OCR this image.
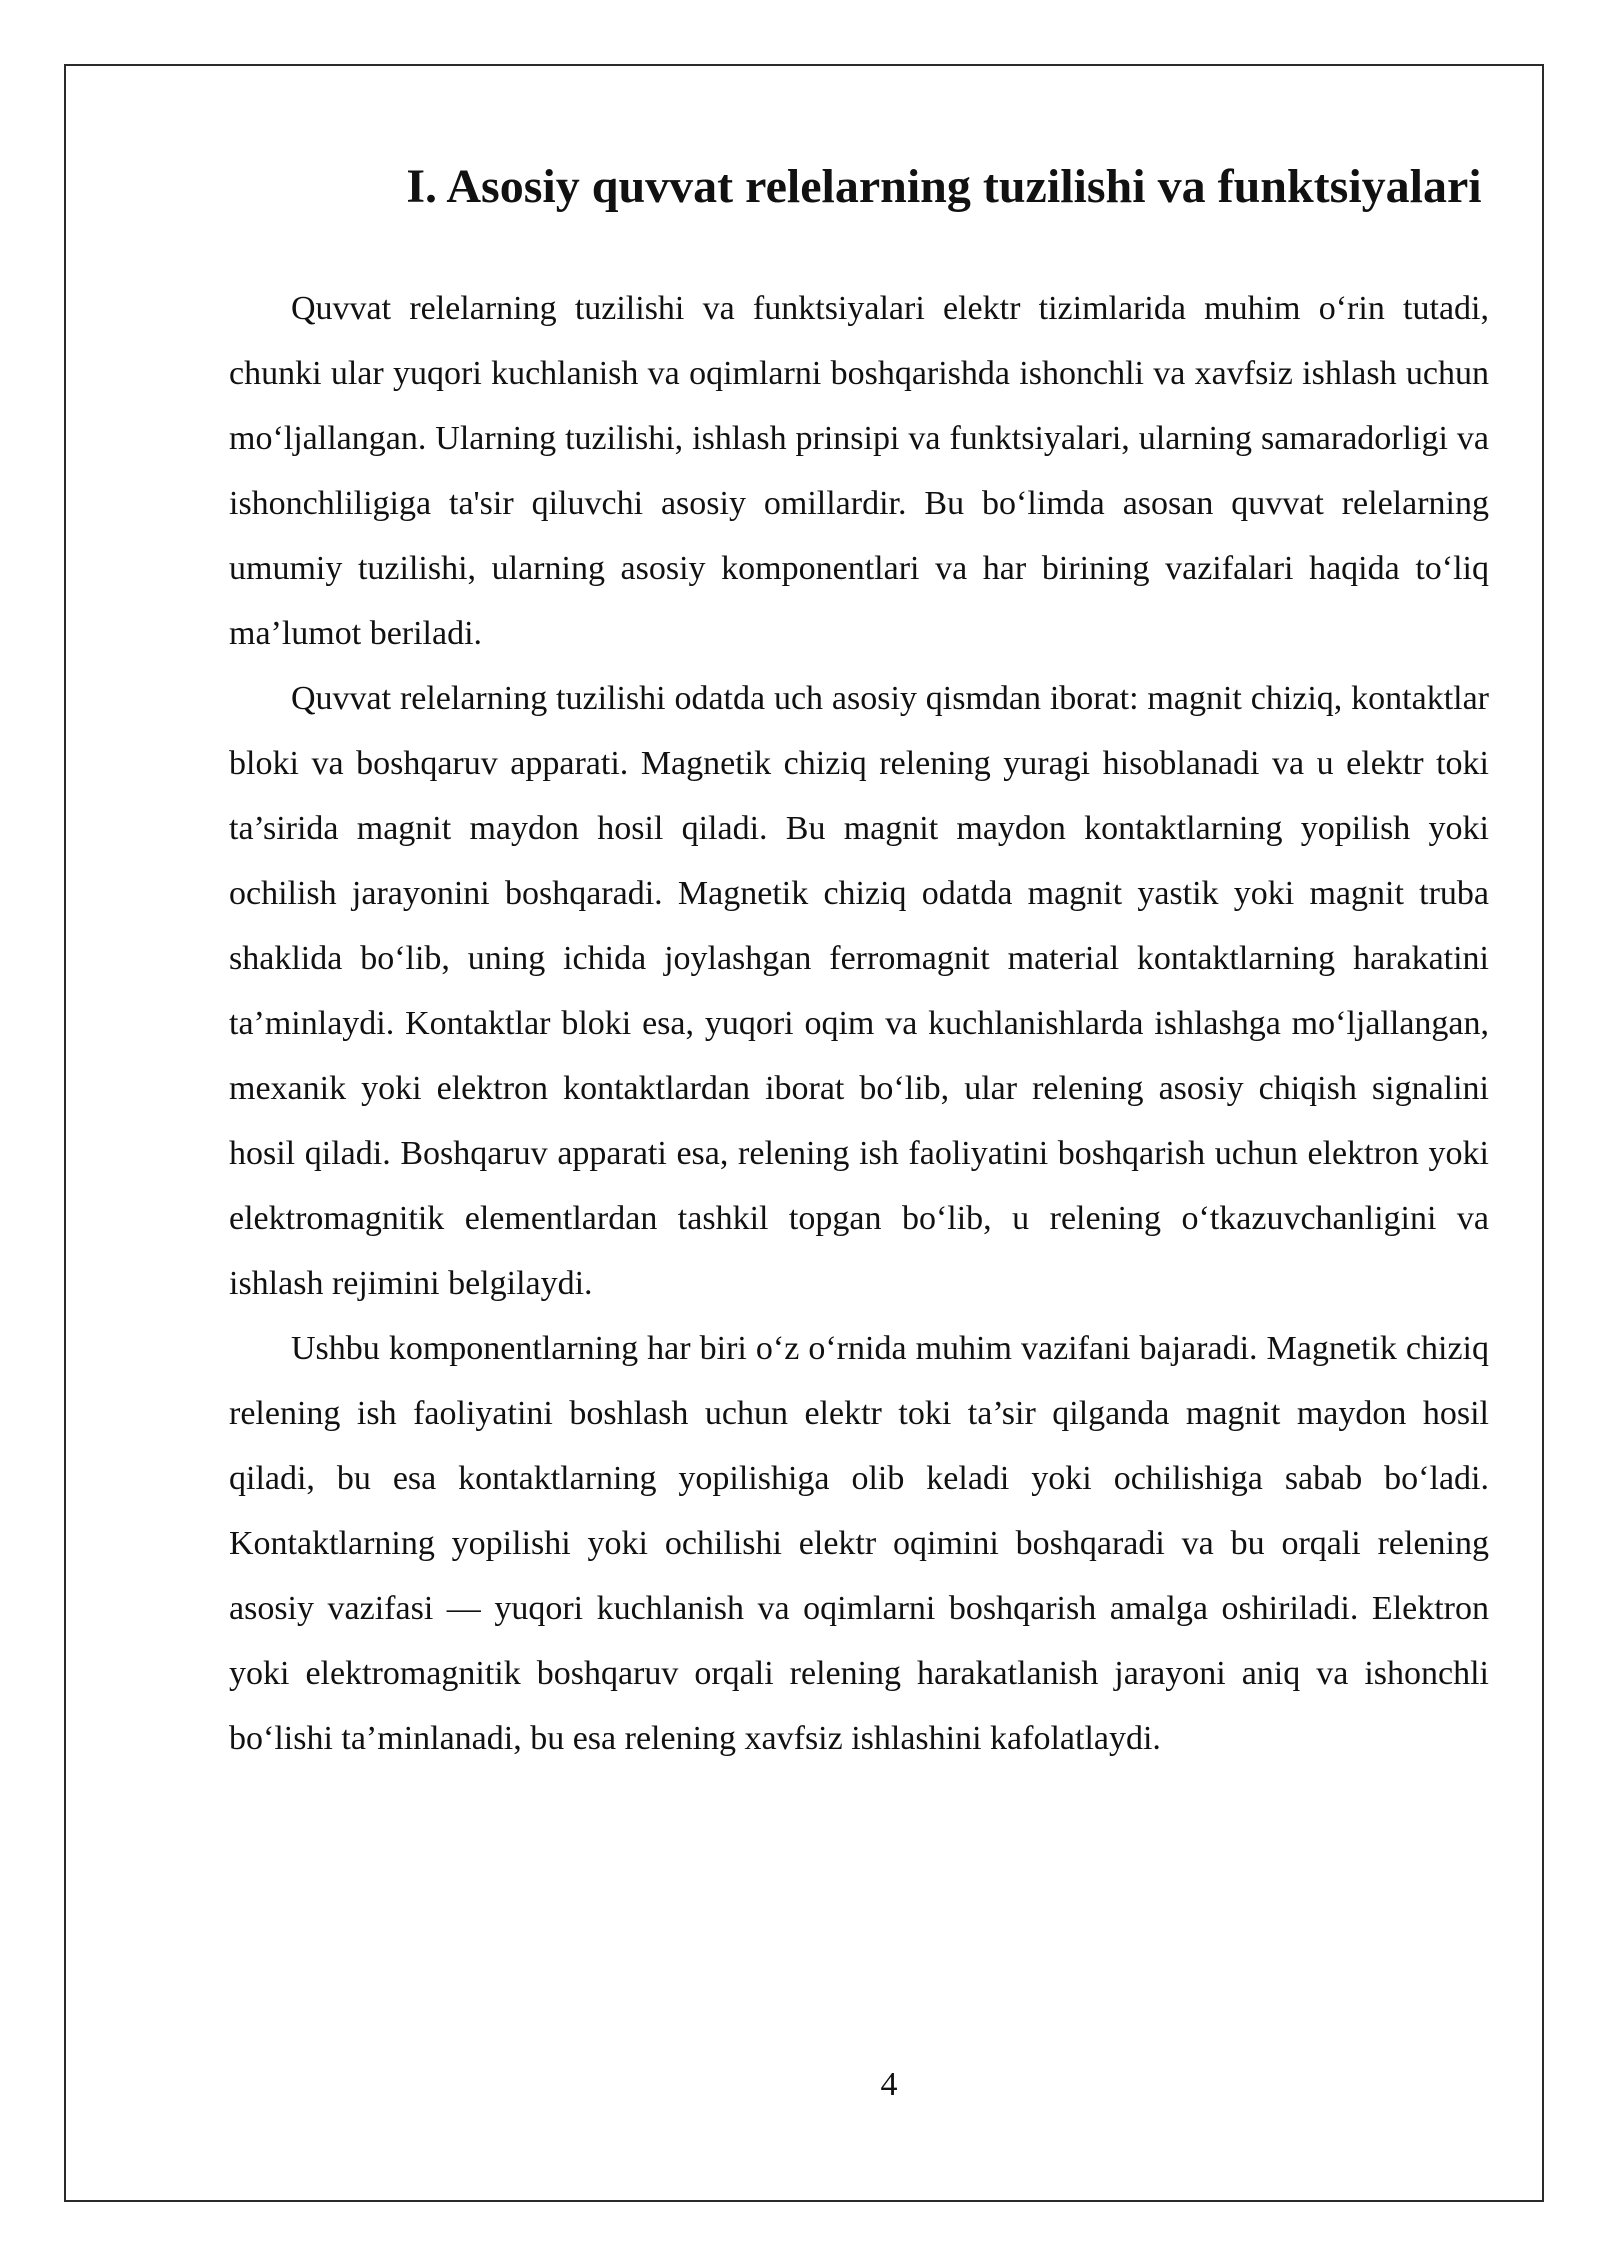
I. Asosiy quvvat relelarning tuzilishi va funktsiyalari

Quvvat relelarning tuzilishi va funktsiyalari elektr tizimlarida muhim o‘rin tutadi, chunki ular yuqori kuchlanish va oqimlarni boshqarishda ishonchli va xavfsiz ishlash uchun mo‘ljallangan. Ularning tuzilishi, ishlash prinsipi va funktsiyalari, ularning samaradorligi va ishonchliligiga ta'sir qiluvchi asosiy omillardir. Bu bo‘limda asosan quvvat relelarning umumiy tuzilishi, ularning asosiy komponentlari va har birining vazifalari haqida to‘liq ma’lumot beriladi.

Quvvat relelarning tuzilishi odatda uch asosiy qismdan iborat: magnit chiziq, kontaktlar bloki va boshqaruv apparati. Magnetik chiziq relening yuragi hisoblanadi va u elektr toki ta’sirida magnit maydon hosil qiladi. Bu magnit maydon kontaktlarning yopilish yoki ochilish jarayonini boshqaradi. Magnetik chiziq odatda magnit yastik yoki magnit truba shaklida bo‘lib, uning ichida joylashgan ferromagnit material kontaktlarning harakatini ta’minlaydi. Kontaktlar bloki esa, yuqori oqim va kuchlanishlarda ishlashga mo‘ljallangan, mexanik yoki elektron kontaktlardan iborat bo‘lib, ular relening asosiy chiqish signalini hosil qiladi. Boshqaruv apparati esa, relening ish faoliyatini boshqarish uchun elektron yoki elektromagnitik elementlardan tashkil topgan bo‘lib, u relening o‘tkazuvchanligini va ishlash rejimini belgilaydi.

Ushbu komponentlarning har biri o‘z o‘rnida muhim vazifani bajaradi. Magnetik chiziq relening ish faoliyatini boshlash uchun elektr toki ta’sir qilganda magnit maydon hosil qiladi, bu esa kontaktlarning yopilishiga olib keladi yoki ochilishiga sabab bo‘ladi. Kontaktlarning yopilishi yoki ochilishi elektr oqimini boshqaradi va bu orqali relening asosiy vazifasi — yuqori kuchlanish va oqimlarni boshqarish amalga oshiriladi. Elektron yoki elektromagnitik boshqaruv orqali relening harakatlanish jarayoni aniq va ishonchli bo‘lishi ta’minlanadi, bu esa relening xavfsiz ishlashini kafolatlaydi.

4
